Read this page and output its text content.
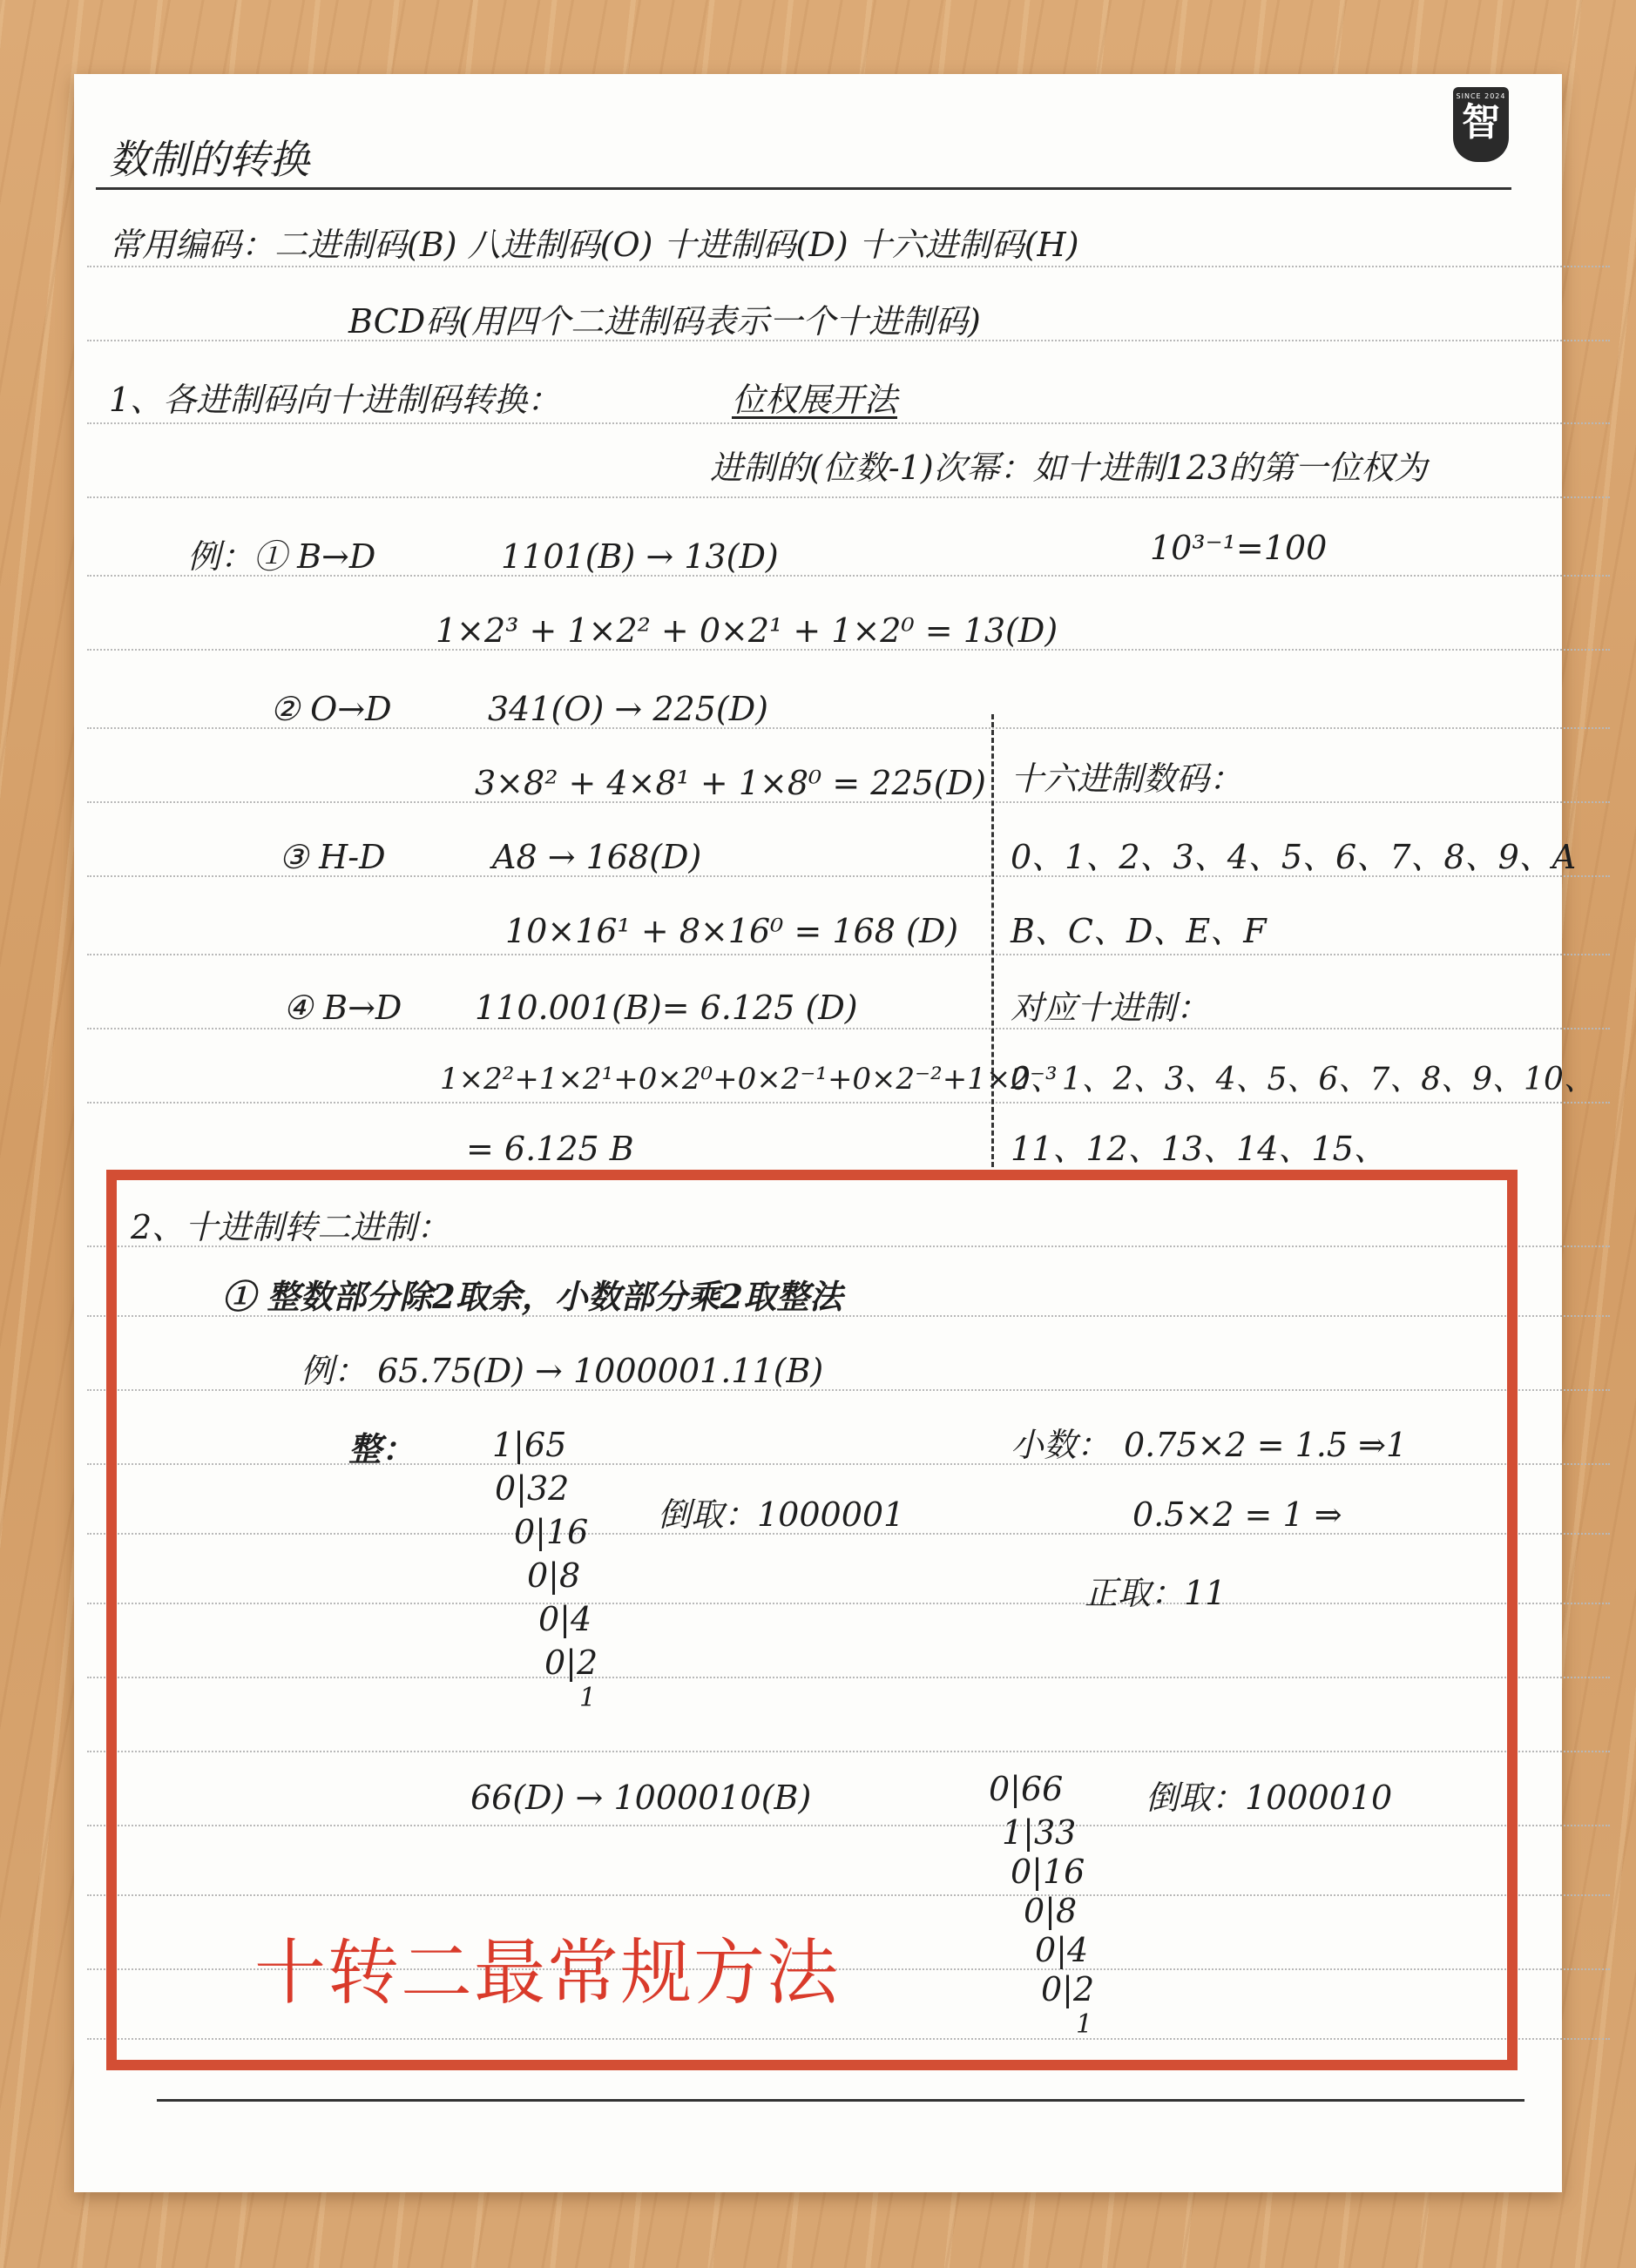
SINCE 2024
智
数制的转换
常用编码：二进制码(B) 八进制码(O) 十进制码(D) 十六进制码(H)
BCD码(用四个二进制码表示一个十进制码)
1、各进制码向十进制码转换：	位权展开法
进制的(位数-1)次幂：如十进制123的第一位权为
例：① B→D	1101(B) → 13(D)	10³⁻¹=100
1×2³ + 1×2² + 0×2¹ + 1×2⁰ = 13(D)
② O→D	341(O) → 225(D)
3×8² + 4×8¹ + 1×8⁰ = 225(D) 十六进制数码：
0、1、2、3、4、5、6、7、8、9、A
③ H-D	A8 → 168(D)
10×16¹ + 8×16⁰ = 168 (D) B、C、D、E、F
④ B→D 110.001(B)= 6.125 (D)	对应十进制：
1×2²+1×2¹+0×2⁰+0×2⁻¹+0×2⁻²+1×2⁻³
0、1、2、3、4、5、6、7、8、9、10、
= 6.125 B	11、12、13、14、15、
2、十进制转二进制：
① 整数部分除2取余，小数部分乘2取整法
例： 65.75(D) → 1000001.11(B)
整： 1|65
0|32
0|16
0|8
0|4
0|2
1
倒取：1000001
小数： 0.75×2 = 1.5 ⇒1
0.5×2 = 1 ⇒
正取：11
66(D) → 1000010(B)	0|66
1|33
0|16
0|8
0|4
0|2
1
倒取：1000010
十转二最常规方法
